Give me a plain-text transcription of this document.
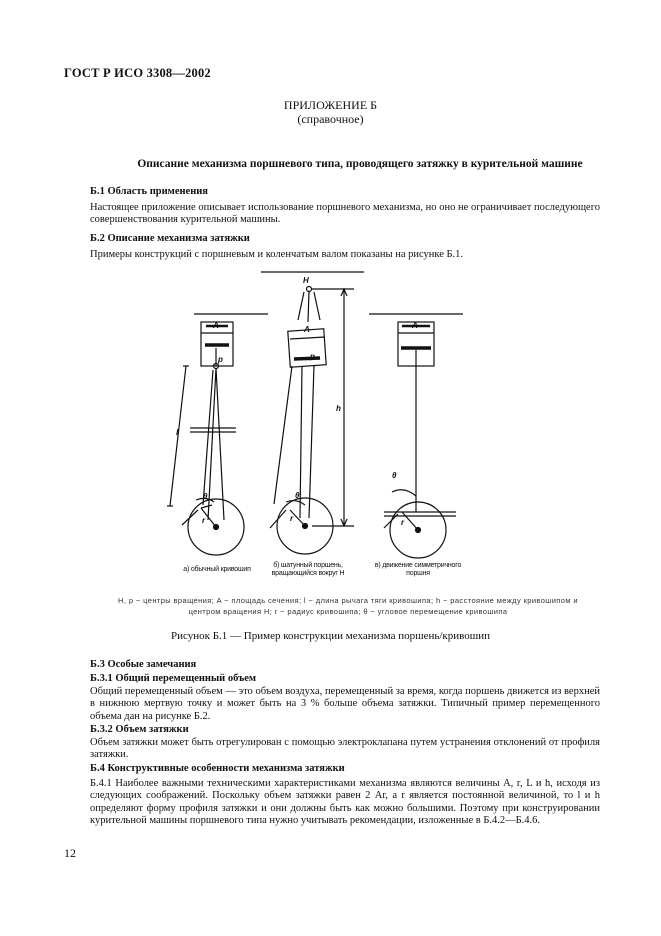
ГОСТ Р ИСО 3308—2002
ПРИЛОЖЕНИЕ Б
(справочное)
Описание механизма поршневого типа, проводящего затяжку в курительной машине
Б.1 Область применения
Настоящее приложение описывает использование поршневого механизма, но оно не ограничивает последующего совершенствования курительной машины.
Б.2 Описание механизма затяжки
Примеры конструкций с поршневым и коленчатым валом показаны на рисунке Б.1.
A
p
l
θ
r
H
A
p
h
θ
r
A
θ
r
а) обычный кривошип
б) шатунный поршень,
вращающийся вокруг H
в) движение симметричного
поршня
H, p − центры вращения; A − площадь сечения; l − длина рычага тяги кривошипа; h − расстояние между кривошипом и
центром вращения H; r − радиус кривошипа; θ − угловое перемещение кривошипа
Рисунок Б.1 — Пример конструкции механизма поршень/кривошип
Б.3 Особые замечания
Б.3.1 Общий перемещенный объем
Общий перемещенный объем — это объем воздуха, перемещенный за время, когда поршень движется из верхней в нижнюю мертвую точку и может быть на 3 % больше объема затяжки. Типичный пример перемещенного объема дан на рисунке Б.2.
Б.3.2 Объем затяжки
Объем затяжки может быть отрегулирован с помощью электроклапана путем устранения отклонений от профиля затяжки.
Б.4 Конструктивные особенности механизма затяжки
Б.4.1 Наиболее важными техническими характеристиками механизма являются величины A, r, L и h, исходя из следующих соображений. Поскольку объем затяжки равен 2 Ar, а r является постоянной величиной, то l и h определяют форму профиля затяжки и они должны быть как можно большими. Поэтому при конструировании курительной машины поршневого типа нужно учитывать рекомендации, изложенные в Б.4.2—Б.4.6.
12
